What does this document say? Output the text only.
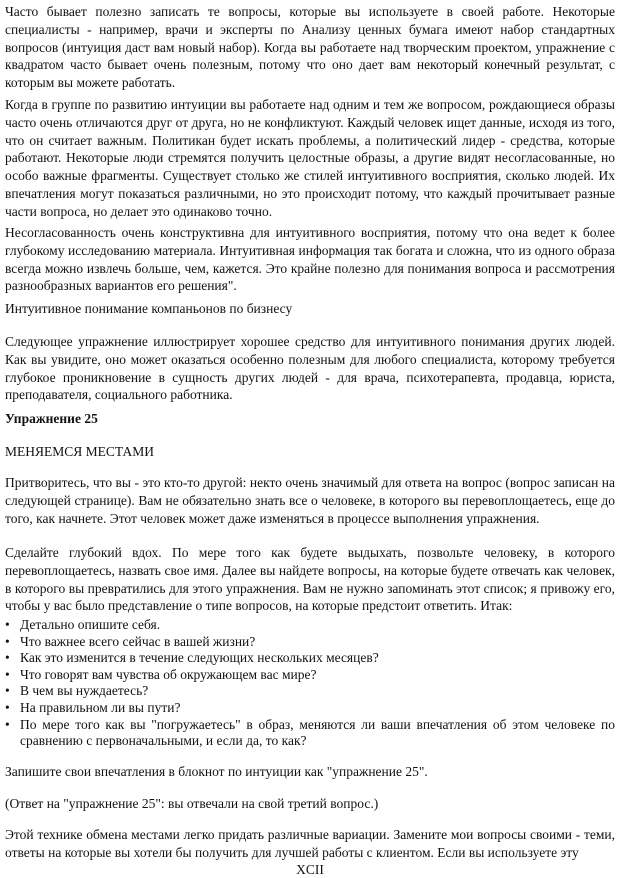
Часто бывает полезно записать те вопросы, которые вы используете в своей работе. Некоторые специалисты - например, врачи и эксперты по Анализу ценных бумага имеют набор стандартных вопросов (интуиция даст вам новый набор). Когда вы работаете над творческим проектом, упражнение с квадратом часто бывает очень полезным, потому что оно дает вам некоторый конечный результат, с которым вы можете работать.

Когда в группе по развитию интуиции вы работаете над одним и тем же вопросом, рождающиеся образы часто очень отличаются друг от друга, но не конфликтуют. Каждый человек ищет данные, исходя из того, что он считает важным. Политикан будет искать проблемы, а политический лидер - средства, которые работают. Некоторые люди стремятся получить целостные образы, а другие видят несогласованные, но особо важные фрагменты. Существует столько же стилей интуитивного восприятия, сколько людей. Их впечатления могут показаться различными, но это происходит потому, что каждый прочитывает разные части вопроса, но делает это одинаково точно.

Несогласованность очень конструктивна для интуитивного восприятия, потому что она ведет к более глубокому исследованию материала. Интуитивная информация так богата и сложна, что из одного образа всегда можно извлечь больше, чем, кажется. Это крайне полезно для понимания вопроса и рассмотрения разнообразных вариантов его решения".

Интуитивное понимание компаньонов по бизнесу

Следующее упражнение иллюстрирует хорошее средство для интуитивного понимания других людей. Как вы увидите, оно может оказаться особенно полезным для любого специалиста, которому требуется глубокое проникновение в сущность других людей - для врача, психотерапевта, продавца, юриста, преподавателя, социального работника.

Упражнение 25

МЕНЯЕМСЯ МЕСТАМИ

Притворитесь, что вы - это кто-то другой: некто очень значимый для ответа на вопрос (вопрос записан на следующей странице). Вам не обязательно знать все о человеке, в которого вы перевоплощаетесь, еще до того, как начнете. Этот человек может даже изменяться в процессе выполнения упражнения.

Сделайте глубокий вдох. По мере того как будете выдыхать, позвольте человеку, в которого перевоплощаетесь, назвать свое имя. Далее вы найдете вопросы, на которые будете отвечать как человек, в которого вы превратились для этого упражнения. Вам не нужно запоминать этот список; я привожу его, чтобы у вас было представление о типе вопросов, на которые предстоит ответить. Итак:

• Детально опишите себя.
• Что важнее всего сейчас в вашей жизни?
• Как это изменится в течение следующих нескольких месяцев?
• Что говорят вам чувства об окружающем вас мире?
• В чем вы нуждаетесь?
• На правильном ли вы пути?
• По мере того как вы "погружаетесь" в образ, меняются ли ваши впечатления об этом человеке по сравнению с первоначальными, и если да, то как?

Запишите свои впечатления в блокнот по интуиции как "упражнение 25".

(Ответ на "упражнение 25": вы отвечали на свой третий вопрос.)

Этой технике обмена местами легко придать различные вариации. Замените мои вопросы своими - теми, ответы на которые вы хотели бы получить для лучшей работы с клиентом. Если вы используете эту

XCII
